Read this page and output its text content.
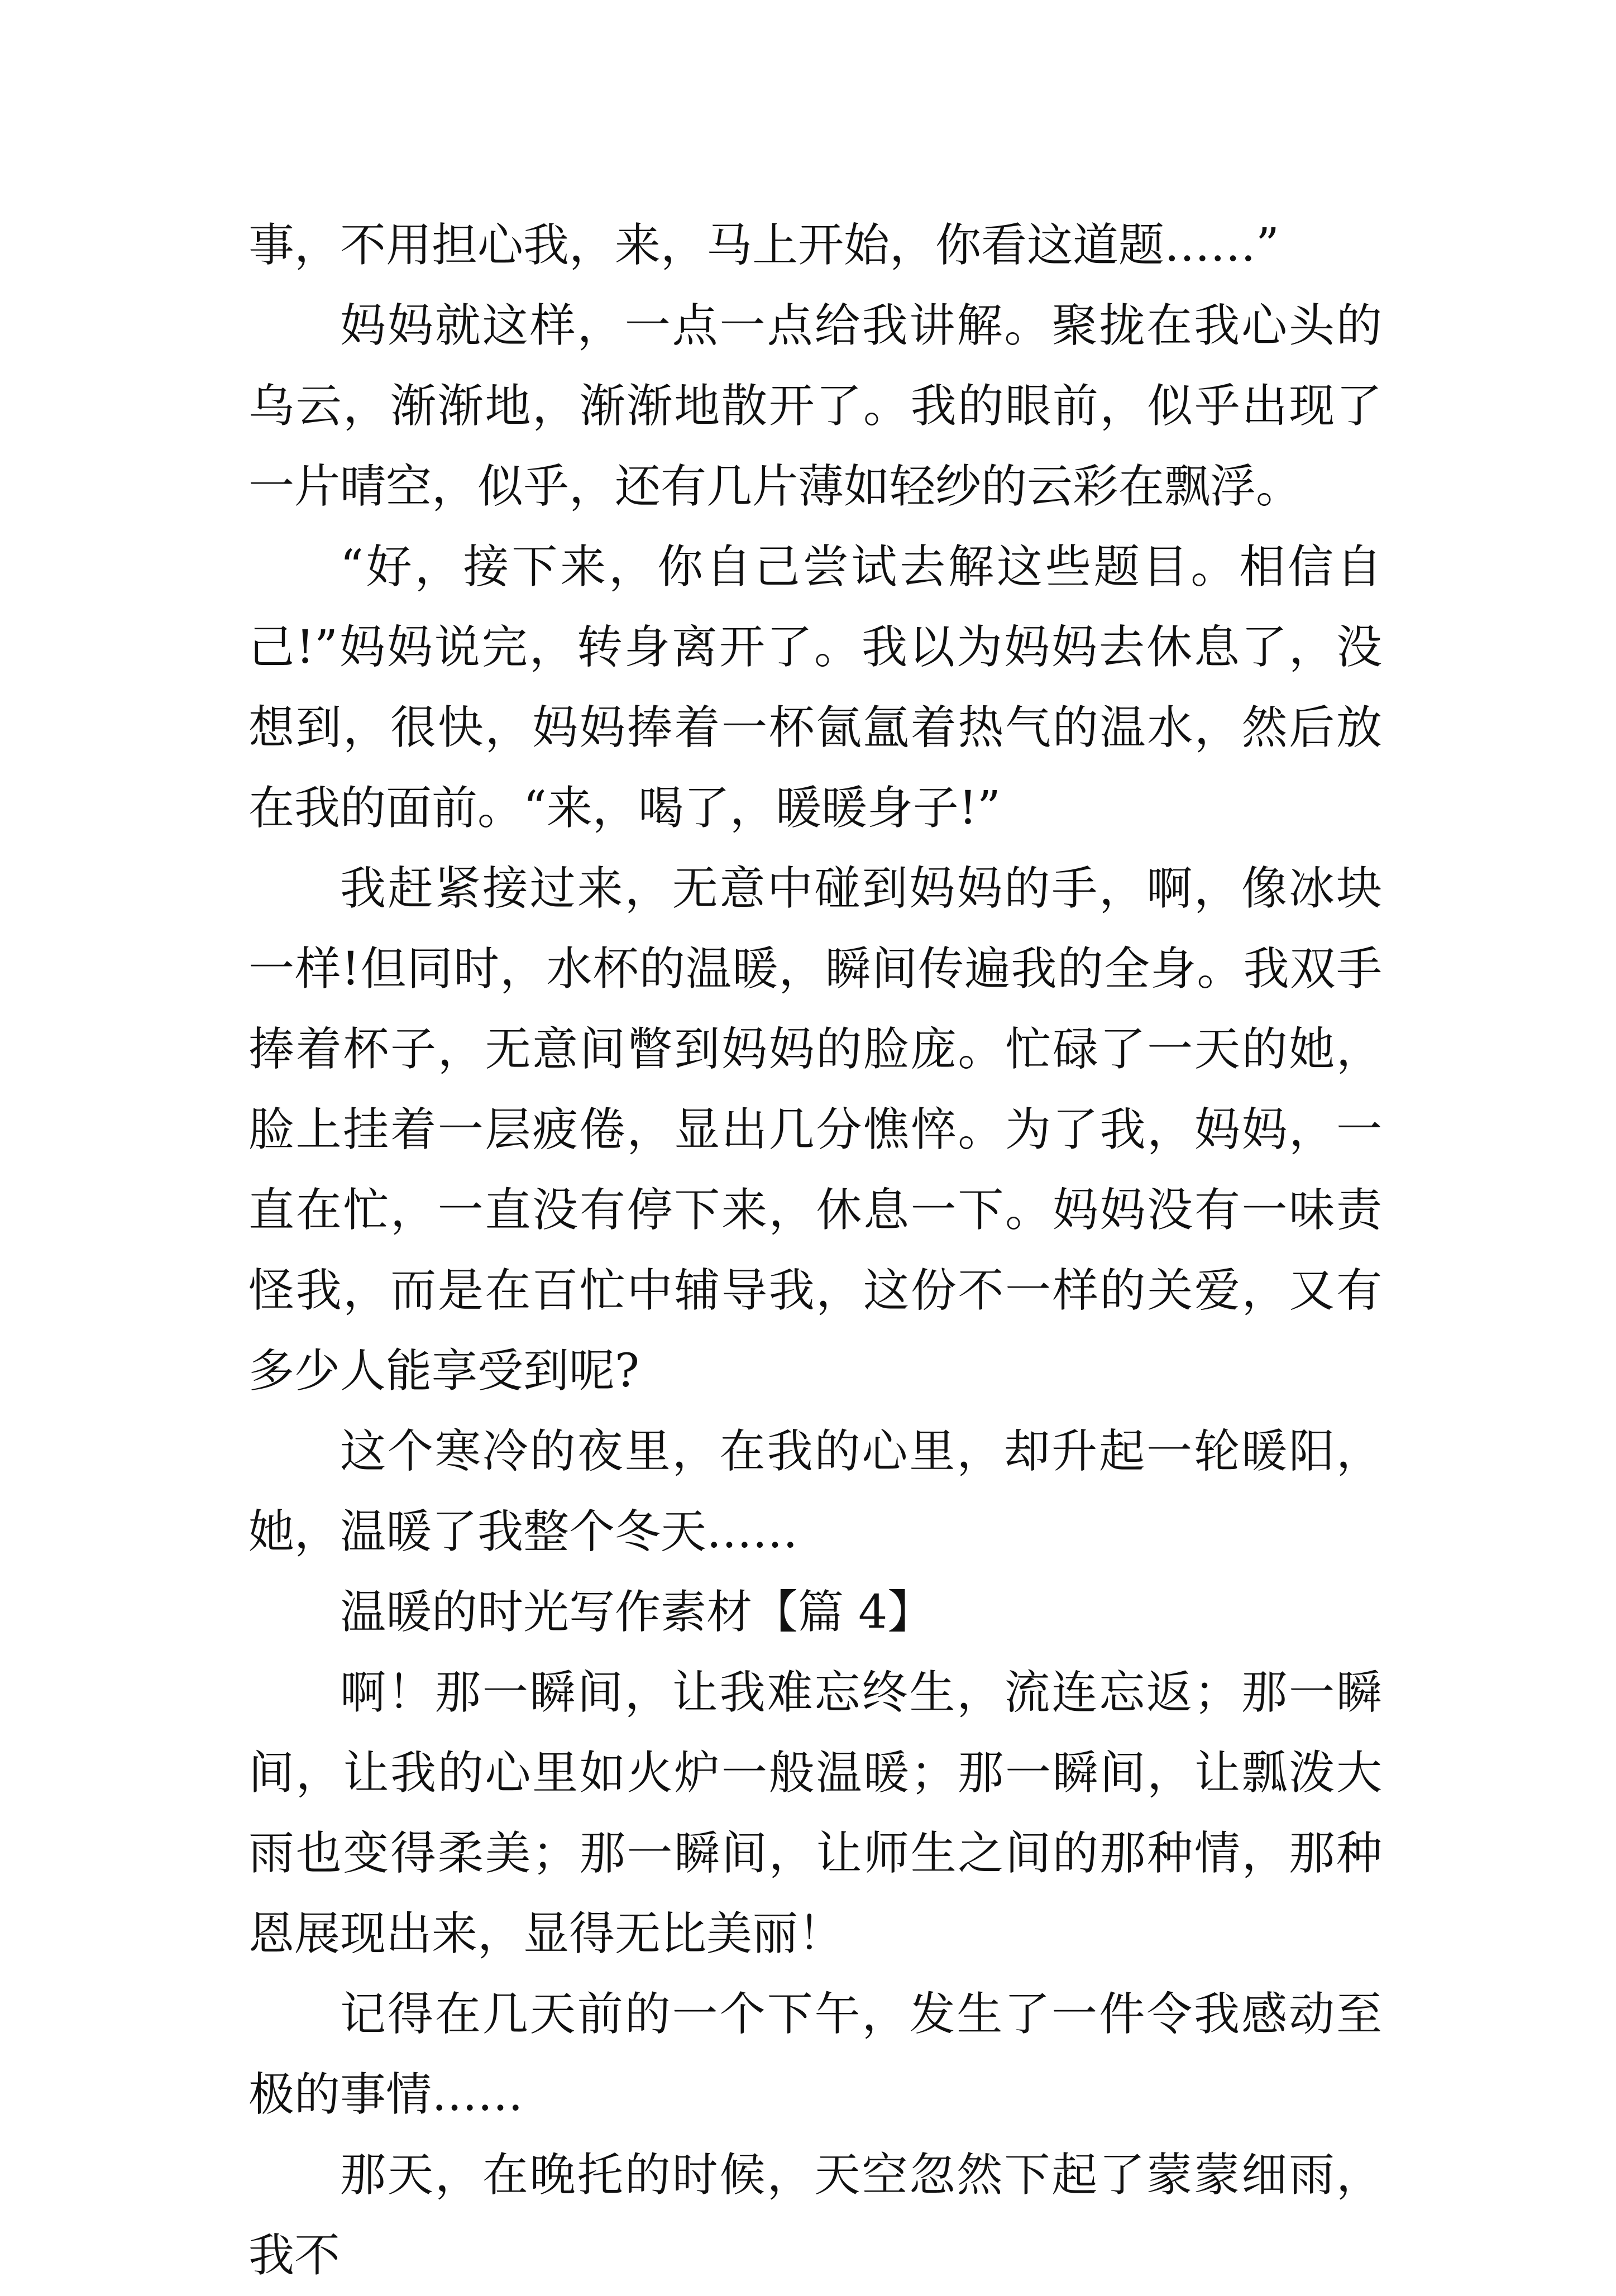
事，不用担心我，来，马上开始，你看这道题……”

妈妈就这样，一点一点给我讲解。聚拢在我心头的乌云，渐渐地，渐渐地散开了。我的眼前，似乎出现了一片晴空，似乎，还有几片薄如轻纱的云彩在飘浮。

“好，接下来，你自己尝试去解这些题目。相信自己!”妈妈说完，转身离开了。我以为妈妈去休息了，没想到，很快，妈妈捧着一杯氤氲着热气的温水，然后放在我的面前。“来，喝了，暖暖身子!”

我赶紧接过来，无意中碰到妈妈的手，啊，像冰块一样!但同时，水杯的温暖，瞬间传遍我的全身。我双手捧着杯子，无意间瞥到妈妈的脸庞。忙碌了一天的她，脸上挂着一层疲倦，显出几分憔悴。为了我，妈妈，一直在忙，一直没有停下来，休息一下。妈妈没有一味责怪我，而是在百忙中辅导我，这份不一样的关爱，又有多少人能享受到呢?

这个寒冷的夜里，在我的心里，却升起一轮暖阳，她，温暖了我整个冬天……

温暖的时光写作素材【篇 4】

啊！那一瞬间，让我难忘终生，流连忘返；那一瞬间，让我的心里如火炉一般温暖；那一瞬间，让瓢泼大雨也变得柔美；那一瞬间，让师生之间的那种情，那种恩展现出来，显得无比美丽！

记得在几天前的一个下午，发生了一件令我感动至极的事情……

那天，在晚托的时候，天空忽然下起了蒙蒙细雨，我不
